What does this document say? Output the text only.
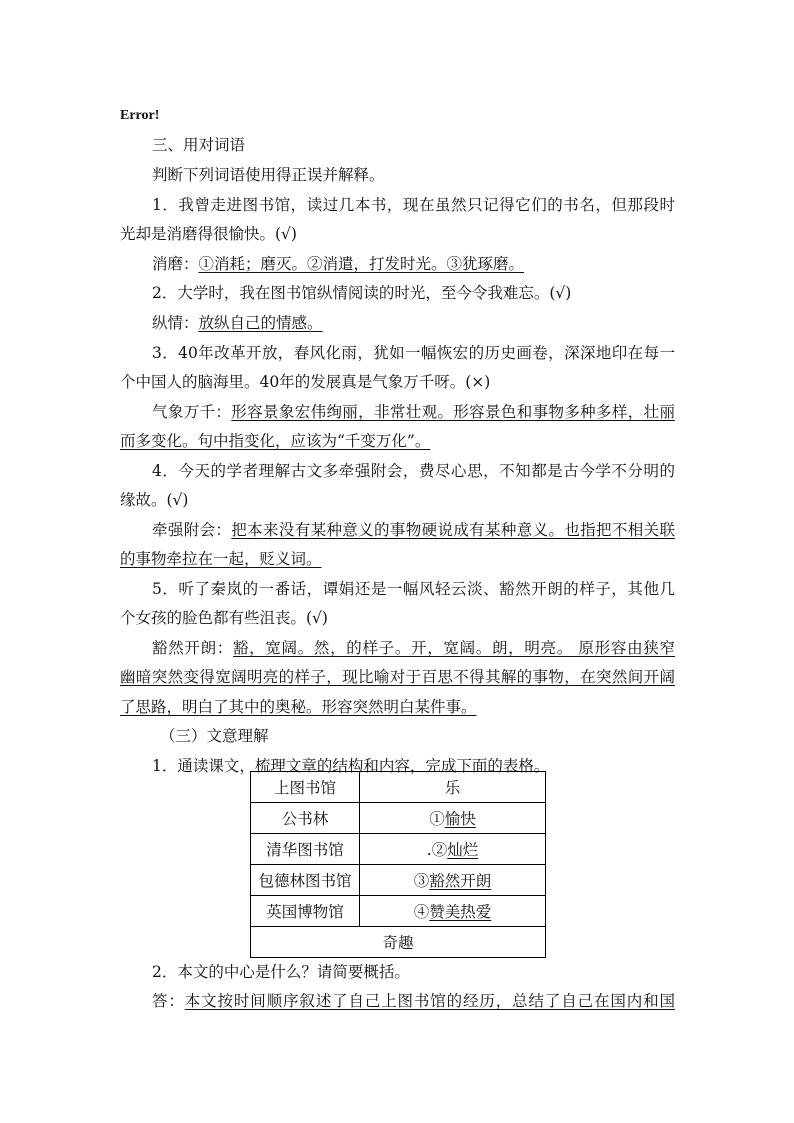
Error!
三、用对词语
判断下列词语使用得正误并解释。
1．我曾走进图书馆，读过几本书，现在虽然只记得它们的书名，但那段时
光却是消磨得很愉快。(√)
消磨：①消耗；磨灭。②消遣，打发时光。③犹琢磨。
2．大学时，我在图书馆纵情阅读的时光，至今令我难忘。(√)
纵情：放纵自己的情感。
3．40年改革开放，春风化雨，犹如一幅恢宏的历史画卷，深深地印在每一
个中国人的脑海里。40年的发展真是气象万千呀。(×)
气象万千：形容景象宏伟绚丽，非常壮观。形容景色和事物多种多样，壮丽
而多变化。句中指变化，应该为“千变万化”。
4．今天的学者理解古文多牵强附会，费尽心思，不知都是古今学不分明的
缘故。(√)
牵强附会：把本来没有某种意义的事物硬说成有某种意义。也指把不相关联
的事物牵拉在一起，贬义词。
5．听了秦岚的一番话，谭娟还是一幅风轻云淡、豁然开朗的样子，其他几
个女孩的脸色都有些沮丧。(√)
豁然开朗：豁，宽阔。然，的样子。开，宽阔。朗，明亮。 原形容由狭窄
幽暗突然变得宽阔明亮的样子，现比喻对于百思不得其解的事物，在突然间开阔
了思路，明白了其中的奥秘。形容突然明白某件事。
（三）文意理解
1．通读课文，梳理文章的结构和内容，完成下面的表格。
上图书馆	乐
公书林	①愉快
清华图书馆	.②灿烂
包德林图书馆	③豁然开朗
英国博物馆	④赞美热爱
奇趣	
2．本文的中心是什么？请简要概括。
答：本文按时间顺序叙述了自己上图书馆的经历，总结了自己在国内和国
